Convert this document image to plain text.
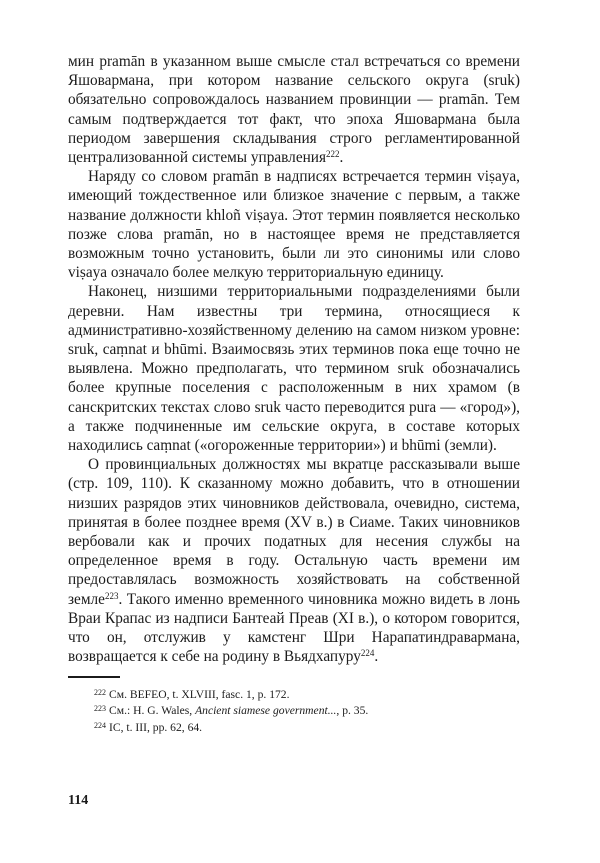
мин pramān в указанном выше смысле стал встречаться со времени Яшовармана, при котором название сельского округа (sruk) обязательно сопровождалось названием провинции — pramān. Тем самым подтверждается тот факт, что эпоха Яшовармана была периодом завершения складывания строго регламентированной централизованной системы управления$^{222}$.

Наряду со словом pramān в надписях встречается термин viṣaya, имеющий тождественное или близкое значение с первым, а также название должности khloñ viṣaya. Этот термин появляется несколько позже слова pramān, но в настоящее время не представляется возможным точно установить, были ли это синонимы или слово viṣaya означало более мелкую территориальную единицу.

Наконец, низшими территориальными подразделениями были деревни. Нам известны три термина, относящиеся к административно-хозяйственному делению на самом низком уровне: sruk, caṃnat и bhūmi. Взаимосвязь этих терминов пока еще точно не выявлена. Можно предполагать, что термином sruk обозначались более крупные поселения с расположенным в них храмом (в санскритских текстах слово sruk часто переводится pura — «город»), а также подчиненные им сельские округа, в составе которых находились caṃnat («огороженные территории») и bhūmi (земли).

О провинциальных должностях мы вкратце рассказывали выше (стр. 109, 110). К сказанному можно добавить, что в отношении низших разрядов этих чиновников действовала, очевидно, система, принятая в более позднее время (XV в.) в Сиаме. Таких чиновников вербовали как и прочих податных для несения службы на определенное время в году. Остальную часть времени им предоставлялась возможность хозяйствовать на собственной земле$^{223}$. Такого именно временного чиновника можно видеть в лонь Враи Крапас из надписи Бантеай Преав (XI в.), о котором говорится, что он, отслужив у камстенг Шри Нарапатиндравармана, возвращается к себе на родину в Вьядхапуру$^{224}$.

$^{222}$ См. BEFEO, t. XLVIII, fasc. 1, p. 172.

$^{223}$ См.: H. G. Wales, Ancient siamese government..., p. 35.

$^{224}$ IC, t. III, pp. 62, 64.

114
